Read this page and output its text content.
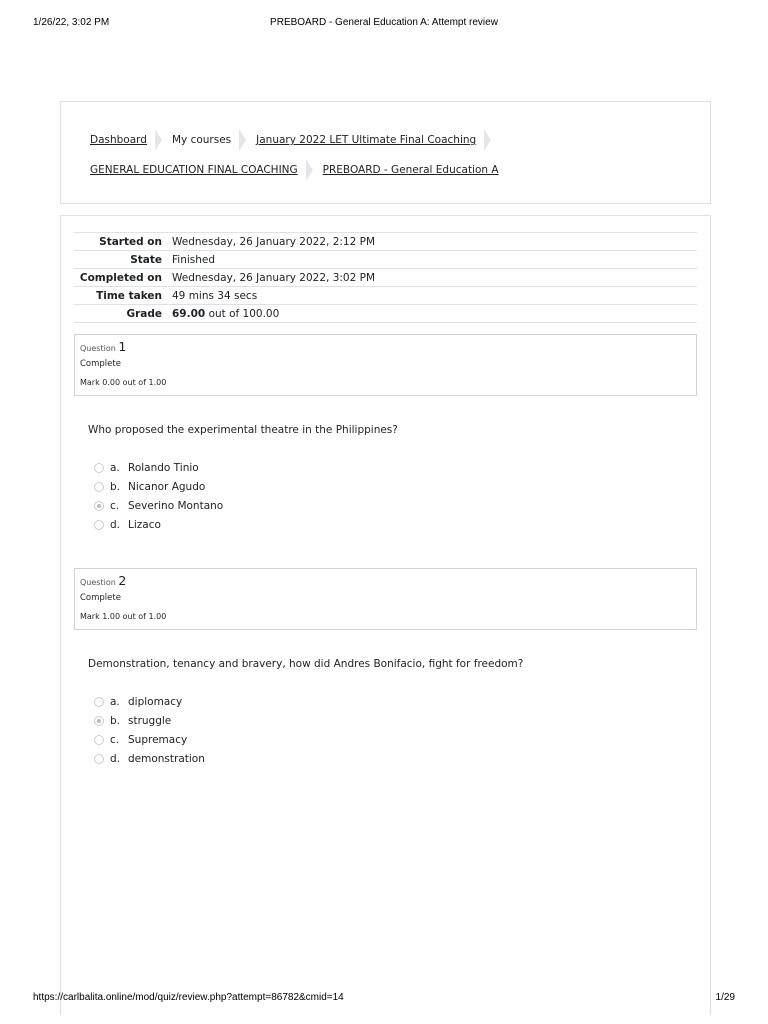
1/26/22, 3:02 PM	PREBOARD - General Education A: Attempt review
Dashboard My courses January 2022 LET Ultimate Final Coaching
GENERAL EDUCATION FINAL COACHING PREBOARD - General Education A
Started on	Wednesday, 26 January 2022, 2:12 PM
State	Finished
Completed on	Wednesday, 26 January 2022, 3:02 PM
Time taken	49 mins 34 secs
Grade	69.00 out of 100.00
Question 1
Complete
Mark 0.00 out of 1.00
Who proposed the experimental theatre in the Philippines?
a. Rolando Tinio
b. Nicanor Agudo
c. Severino Montano
d. Lizaco
Question 2
Complete
Mark 1.00 out of 1.00
Demonstration, tenancy and bravery, how did Andres Bonifacio, fight for freedom?
a. diplomacy
b. struggle
c. Supremacy
d. demonstration
https://carlbalita.online/mod/quiz/review.php?attempt=86782&cmid=14	1/29
